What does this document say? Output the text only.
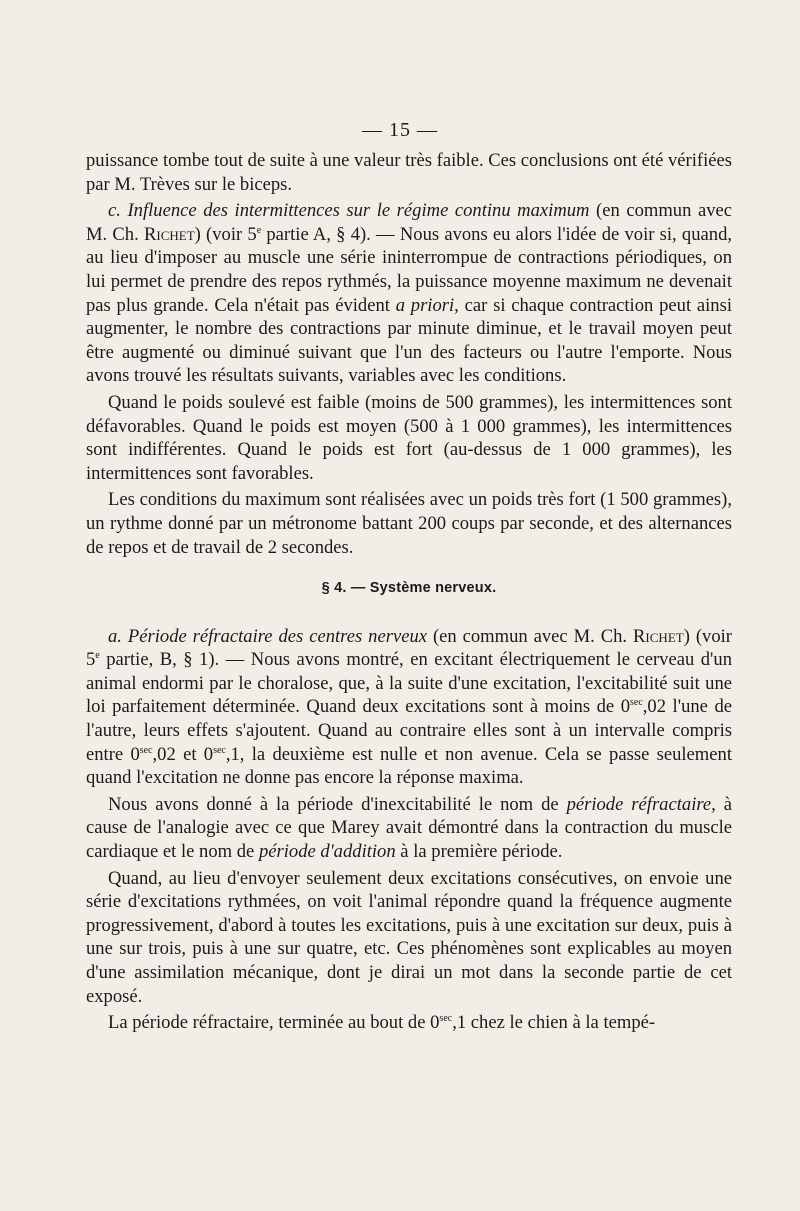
— 15 —

puissance tombe tout de suite à une valeur très faible. Ces conclusions ont été vérifiées par M. Trèves sur le biceps.

c. Influence des intermittences sur le régime continu maximum (en commun avec M. Ch. Richet) (voir 5e partie A, § 4). — Nous avons eu alors l'idée de voir si, quand, au lieu d'imposer au muscle une série ininterrompue de contractions périodiques, on lui permet de prendre des repos rythmés, la puissance moyenne maximum ne devenait pas plus grande. Cela n'était pas évident a priori, car si chaque contraction peut ainsi augmenter, le nombre des contractions par minute diminue, et le travail moyen peut être augmenté ou diminué suivant que l'un des facteurs ou l'autre l'emporte. Nous avons trouvé les résultats suivants, variables avec les conditions.

Quand le poids soulevé est faible (moins de 500 grammes), les intermittences sont défavorables. Quand le poids est moyen (500 à 1 000 grammes), les intermittences sont indifférentes. Quand le poids est fort (au-dessus de 1 000 grammes), les intermittences sont favorables.

Les conditions du maximum sont réalisées avec un poids très fort (1 500 grammes), un rythme donné par un métronome battant 200 coups par seconde, et des alternances de repos et de travail de 2 secondes.

§ 4. — Système nerveux.

a. Période réfractaire des centres nerveux (en commun avec M. Ch. Richet) (voir 5e partie, B, § 1). — Nous avons montré, en excitant électriquement le cerveau d'un animal endormi par le choralose, que, à la suite d'une excitation, l'excitabilité suit une loi parfaitement déterminée. Quand deux excitations sont à moins de $0^{sec},02$ l'une de l'autre, leurs effets s'ajoutent. Quand au contraire elles sont à un intervalle compris entre $0^{sec},02$ et $0^{sec},1$, la deuxième est nulle et non avenue. Cela se passe seulement quand l'excitation ne donne pas encore la réponse maxima.

Nous avons donné à la période d'inexcitabilité le nom de période réfractaire, à cause de l'analogie avec ce que Marey avait démontré dans la contraction du muscle cardiaque et le nom de période d'addition à la première période.

Quand, au lieu d'envoyer seulement deux excitations consécutives, on envoie une série d'excitations rythmées, on voit l'animal répondre quand la fréquence augmente progressivement, d'abord à toutes les excitations, puis à une excitation sur deux, puis à une sur trois, puis à une sur quatre, etc. Ces phénomènes sont explicables au moyen d'une assimilation mécanique, dont je dirai un mot dans la seconde partie de cet exposé.

La période réfractaire, terminée au bout de $0^{sec},1$ chez le chien à la tempé-
